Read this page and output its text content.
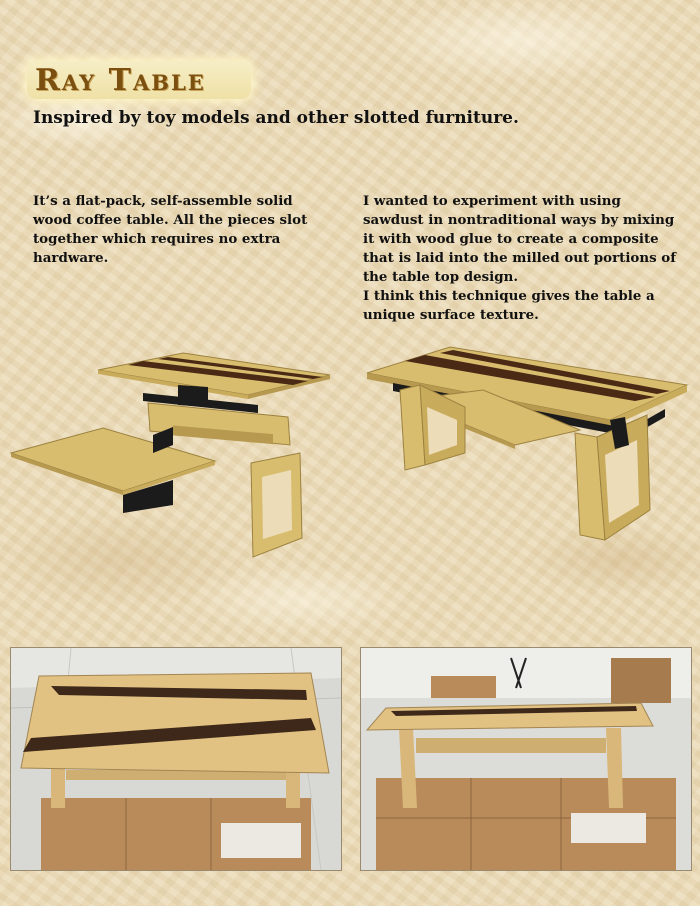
Ray Table
Inspired by toy models and other slotted furniture.
It’s a flat-pack, self-assemble solid wood coffee table. All the pieces slot together which requires no extra hardware.

I wanted to experiment with using sawdust in nontraditional ways by mixing it with wood glue to create a composite that is laid into the milled out portions of the table top design.

I think this technique gives the table a unique surface texture.
